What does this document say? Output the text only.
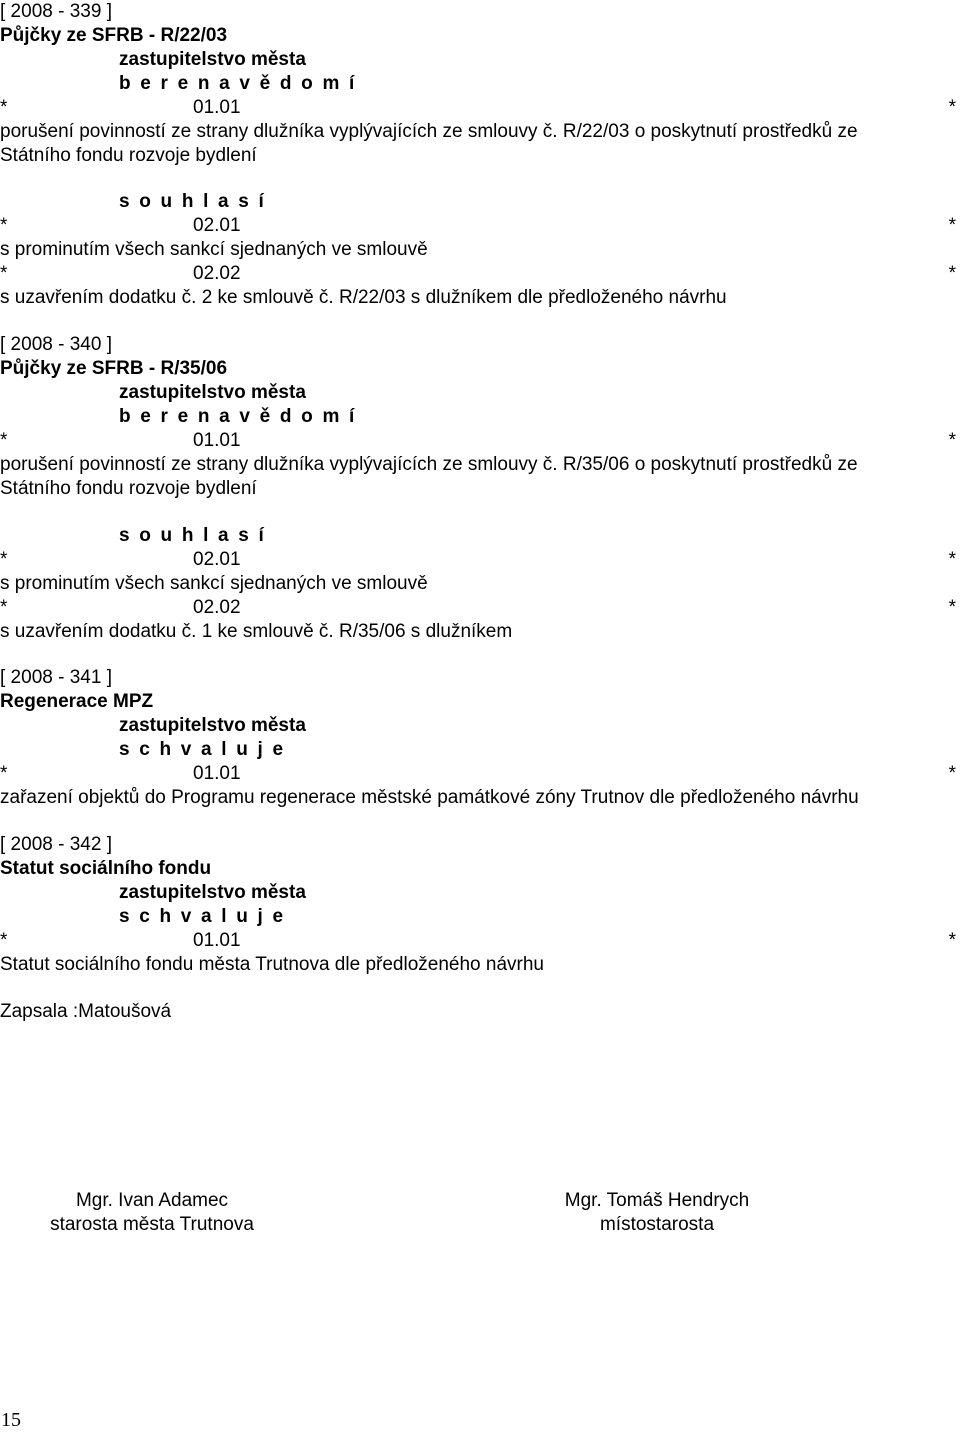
[ 2008 - 339 ]
Půjčky ze SFRB - R/22/03
zastupitelstvo města
b e r e n a v ě d o m í
*	01.01	*
porušení povinností ze strany dlužníka vyplývajících ze smlouvy č. R/22/03 o poskytnutí prostředků ze
Státního fondu rozvoje bydlení
s o u h l a s í
*	02.01	*
s prominutím všech sankcí sjednaných ve smlouvě
*	02.02	*
s uzavřením dodatku č. 2 ke smlouvě č. R/22/03 s dlužníkem dle předloženého návrhu
[ 2008 - 340 ]
Půjčky ze SFRB - R/35/06
zastupitelstvo města
b e r e n a v ě d o m í
*	01.01	*
porušení povinností ze strany dlužníka vyplývajících ze smlouvy č. R/35/06 o poskytnutí prostředků ze
Státního fondu rozvoje bydlení
s o u h l a s í
*	02.01	*
s prominutím všech sankcí sjednaných ve smlouvě
*	02.02	*
s uzavřením dodatku č. 1 ke smlouvě č. R/35/06 s dlužníkem
[ 2008 - 341 ]
Regenerace MPZ
zastupitelstvo města
s c h v a l u j e
*	01.01	*
zařazení objektů do Programu regenerace městské památkové zóny Trutnov dle předloženého návrhu
[ 2008 - 342 ]
Statut sociálního fondu
zastupitelstvo města
s c h v a l u j e
*	01.01	*
Statut sociálního fondu města Trutnova dle předloženého návrhu
Zapsala :Matoušová
Mgr. Ivan Adamec
starosta města Trutnova
Mgr. Tomáš Hendrych
místostarosta
15
